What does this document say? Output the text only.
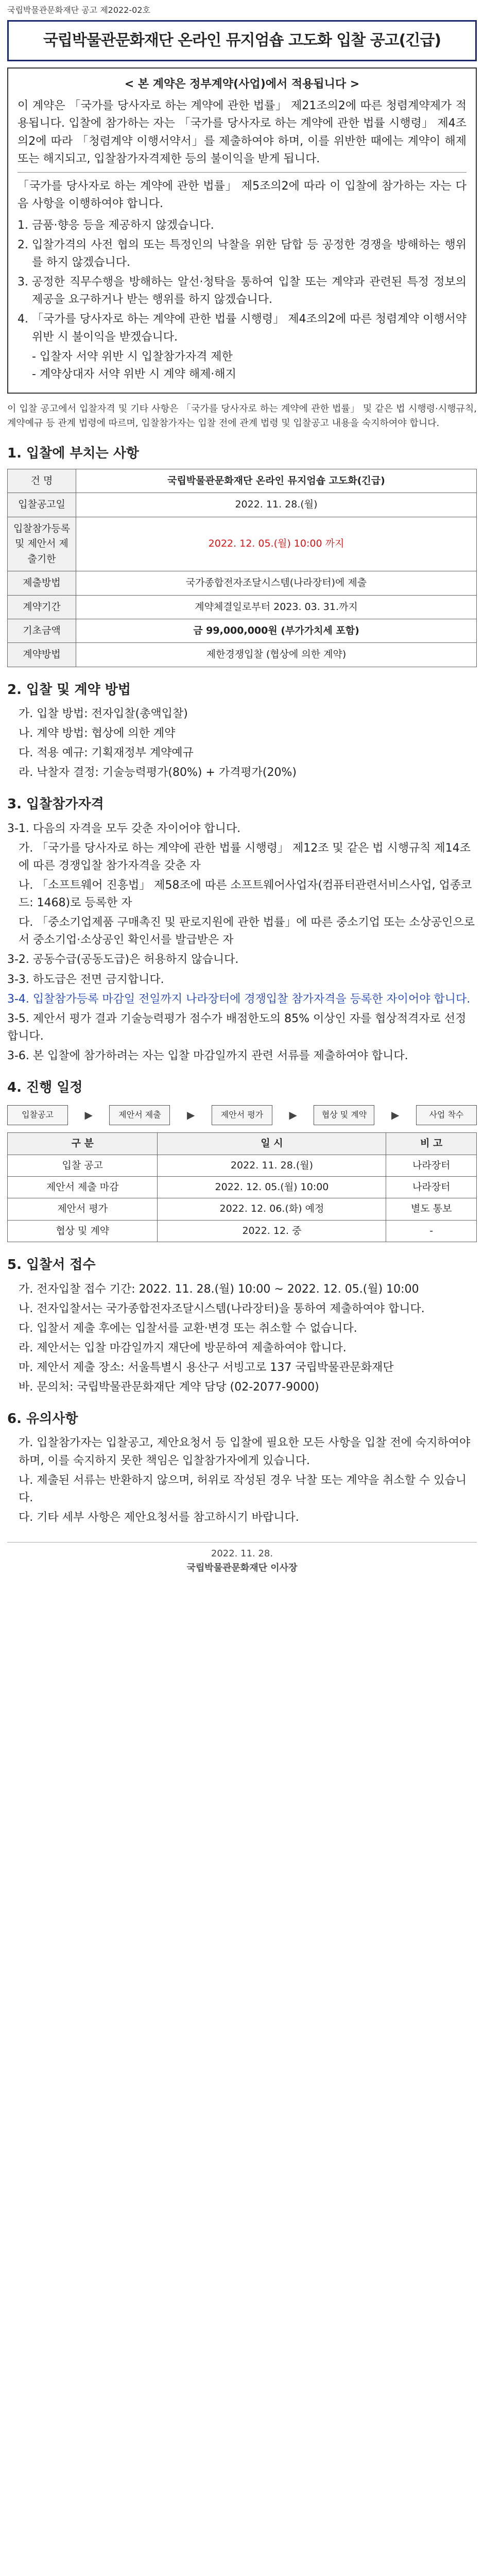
국립박물관문화재단 공고 제2022-02호
국립박물관문화재단 온라인 뮤지엄숍 고도화 입찰 공고(긴급)
< 본 계약은 정부계약(사업)에서 적용됩니다 >

이 계약은 「국가를 당사자로 하는 계약에 관한 법률」 제21조의2에 따른 청렴계약제가 적용됩니다. 입찰에 참가하는 자는 「국가를 당사자로 하는 계약에 관한 법률 시행령」 제4조의2에 따라 「청렴계약 이행서약서」를 제출하여야 하며, 이를 위반한 때에는 계약이 해제 또는 해지되고, 입찰참가자격제한 등의 불이익을 받게 됩니다.

「국가를 당사자로 하는 계약에 관한 법률」 제5조의2에 따라 이 입찰에 참가하는 자는 다음 사항을 이행하여야 합니다.

1. 금품·향응 등을 제공하지 않겠습니다.
2. 입찰가격의 사전 협의 또는 특정인의 낙찰을 위한 담합 등 공정한 경쟁을 방해하는 행위를 하지 않겠습니다.
3. 공정한 직무수행을 방해하는 알선·청탁을 통하여 입찰 또는 계약과 관련된 특정 정보의 제공을 요구하거나 받는 행위를 하지 않겠습니다.
4. 「국가를 당사자로 하는 계약에 관한 법률 시행령」 제4조의2에 따른 청렴계약 이행서약 위반 시 불이익을 받겠습니다.

- 입찰자 서약 위반 시 입찰참가자격 제한

- 계약상대자 서약 위반 시 계약 해제·해지

이 입찰 공고에서 입찰자격 및 기타 사항은 「국가를 당사자로 하는 계약에 관한 법률」 및 같은 법 시행령·시행규칙, 계약예규 등 관계 법령에 따르며, 입찰참가자는 입찰 전에 관계 법령 및 입찰공고 내용을 숙지하여야 합니다.
1. 입찰에 부치는 사항
건 명	국립박물관문화재단 온라인 뮤지엄숍 고도화(긴급)
입찰공고일	2022. 11. 28.(월)
입찰참가등록 및 제안서 제출기한	2022. 12. 05.(월) 10:00 까지
제출방법	국가종합전자조달시스템(나라장터)에 제출
계약기간	계약체결일로부터 2023. 03. 31.까지
기초금액	금 99,000,000원 (부가가치세 포함)
계약방법	제한경쟁입찰 (협상에 의한 계약)
2. 입찰 및 계약 방법
가. 입찰 방법: 전자입찰(총액입찰)
나. 계약 방법: 협상에 의한 계약
다. 적용 예규: 기획재정부 계약예규
라. 낙찰자 결정: 기술능력평가(80%) + 가격평가(20%)
3. 입찰참가자격
3-1. 다음의 자격을 모두 갖춘 자이어야 합니다.
가. 「국가를 당사자로 하는 계약에 관한 법률 시행령」 제12조 및 같은 법 시행규칙 제14조에 따른 경쟁입찰 참가자격을 갖춘 자
나. 「소프트웨어 진흥법」 제58조에 따른 소프트웨어사업자(컴퓨터관련서비스사업, 업종코드: 1468)로 등록한 자
다. 「중소기업제품 구매촉진 및 판로지원에 관한 법률」에 따른 중소기업 또는 소상공인으로서 중소기업·소상공인 확인서를 발급받은 자
3-2. 공동수급(공동도급)은 허용하지 않습니다.
3-3. 하도급은 전면 금지합니다.
3-4. 입찰참가등록 마감일 전일까지 나라장터에 경쟁입찰 참가자격을 등록한 자이어야 합니다.
3-5. 제안서 평가 결과 기술능력평가 점수가 배점한도의 85% 이상인 자를 협상적격자로 선정합니다.
3-6. 본 입찰에 참가하려는 자는 입찰 마감일까지 관련 서류를 제출하여야 합니다.
4. 진행 일정
입찰공고	▶	제안서 제출	▶	제안서 평가	▶	협상 및 계약	▶	사업 착수
구 분	일 시	비 고
입찰 공고	2022. 11. 28.(월)	나라장터
제안서 제출 마감	2022. 12. 05.(월) 10:00	나라장터
제안서 평가	2022. 12. 06.(화) 예정	별도 통보
협상 및 계약	2022. 12. 중	-
5. 입찰서 접수
가. 전자입찰 접수 기간: 2022. 11. 28.(월) 10:00 ~ 2022. 12. 05.(월) 10:00
나. 전자입찰서는 국가종합전자조달시스템(나라장터)을 통하여 제출하여야 합니다.
다. 입찰서 제출 후에는 입찰서를 교환·변경 또는 취소할 수 없습니다.
라. 제안서는 입찰 마감일까지 재단에 방문하여 제출하여야 합니다.
마. 제안서 제출 장소: 서울특별시 용산구 서빙고로 137 국립박물관문화재단
바. 문의처: 국립박물관문화재단 계약 담당 (02-2077-9000)
6. 유의사항
가. 입찰참가자는 입찰공고, 제안요청서 등 입찰에 필요한 모든 사항을 입찰 전에 숙지하여야 하며, 이를 숙지하지 못한 책임은 입찰참가자에게 있습니다.
나. 제출된 서류는 반환하지 않으며, 허위로 작성된 경우 낙찰 또는 계약을 취소할 수 있습니다.
다. 기타 세부 사항은 제안요청서를 참고하시기 바랍니다.
2022. 11. 28.
국립박물관문화재단 이사장
